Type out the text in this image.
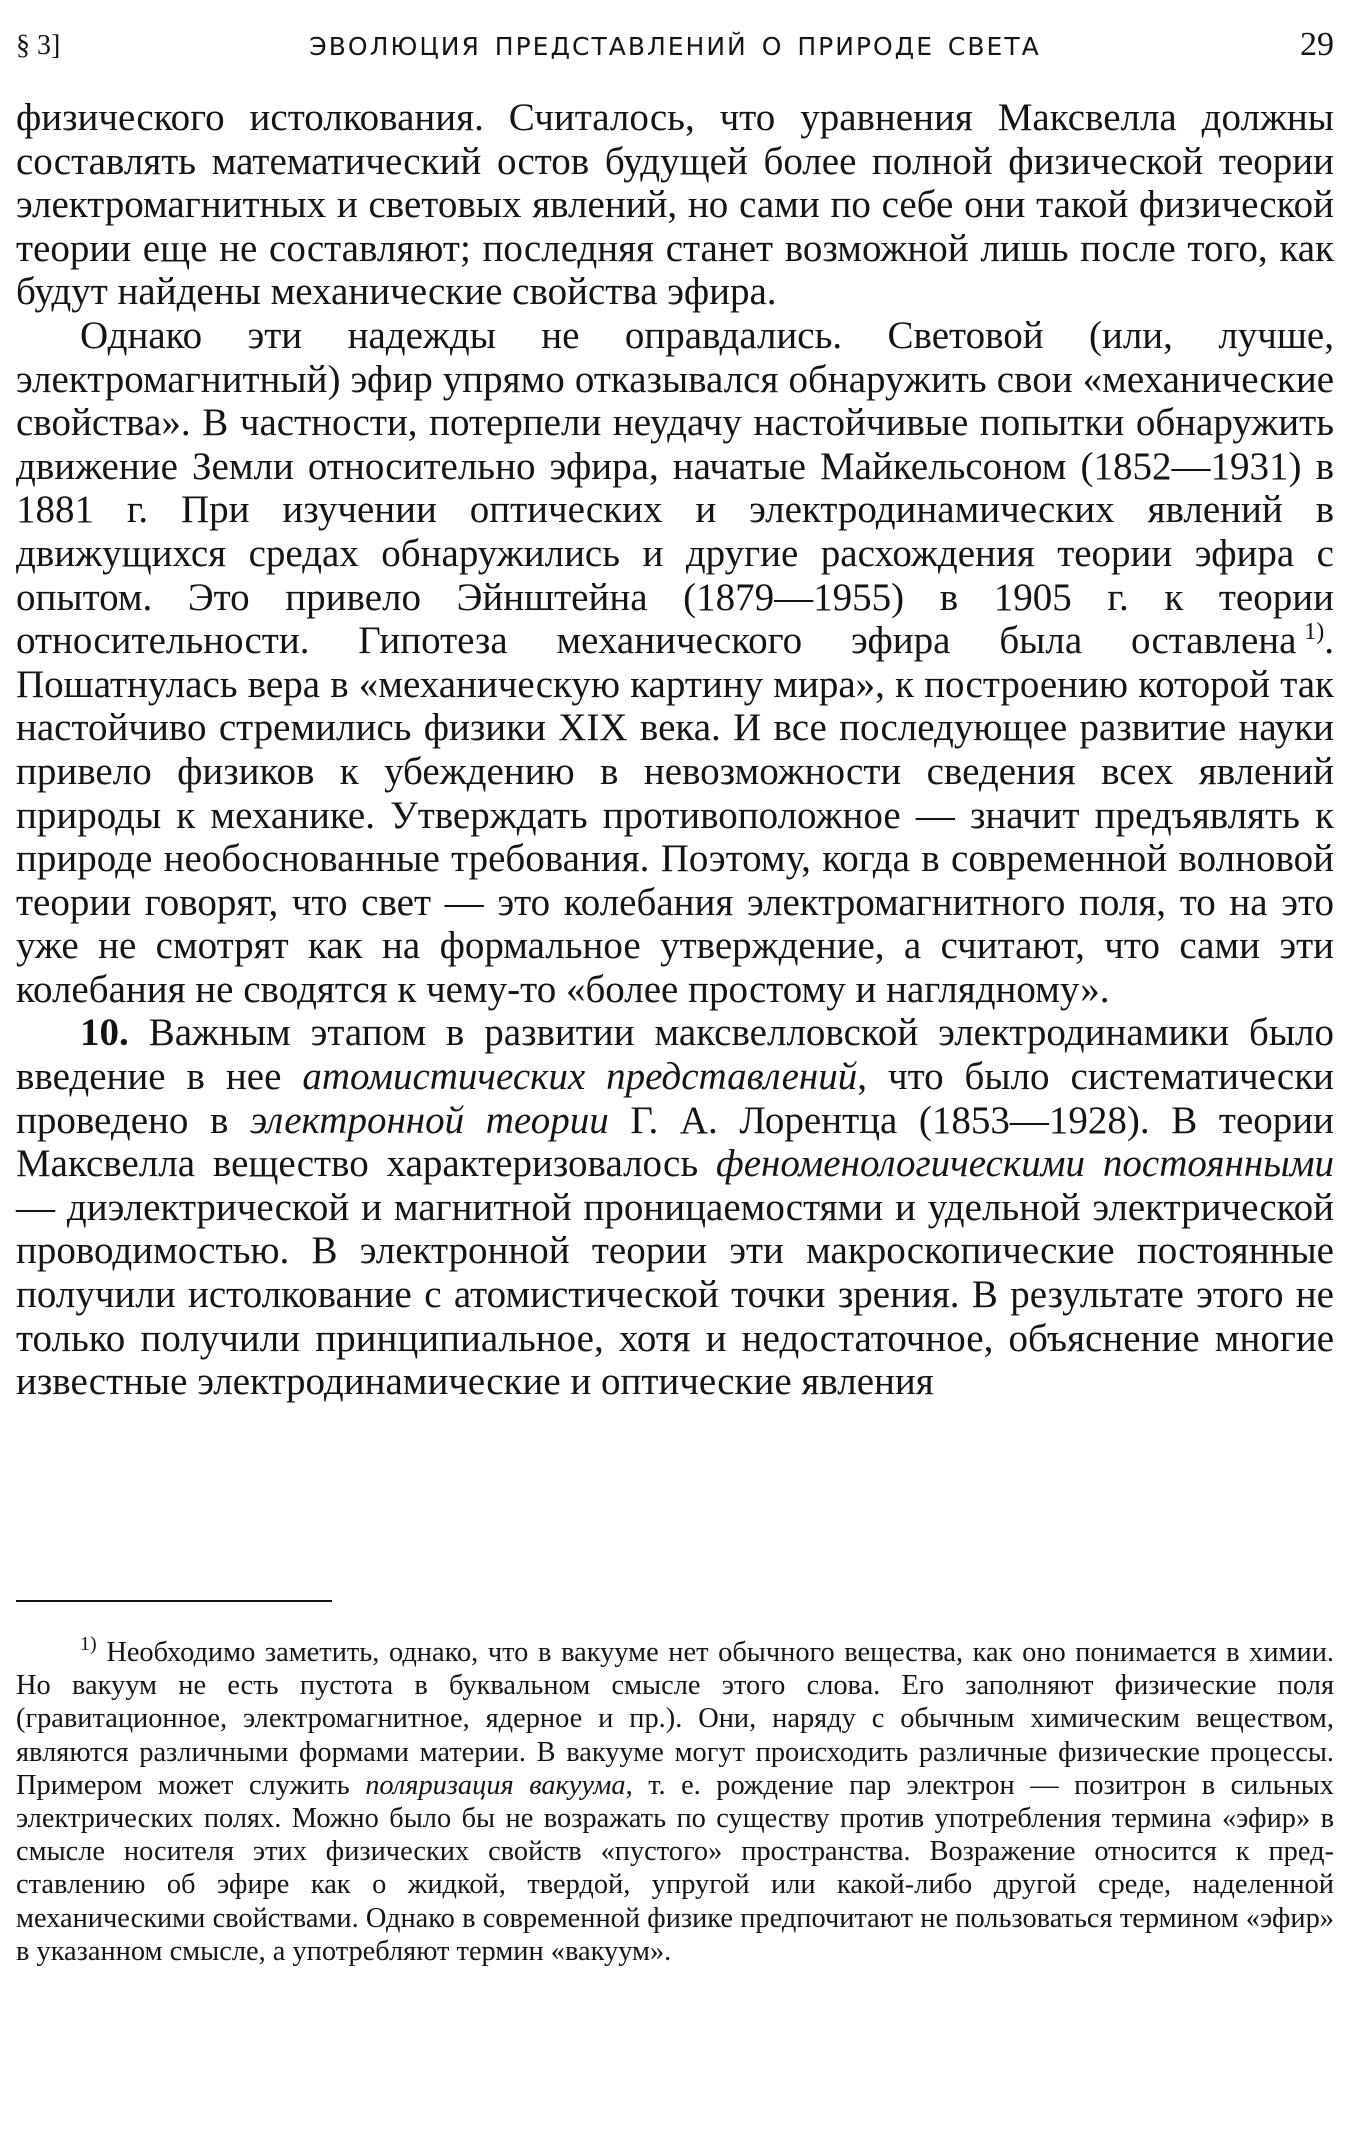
§ 3]	ЭВОЛЮЦИЯ ПРЕДСТАВЛЕНИЙ О ПРИРОДЕ СВЕТА	29

физического истолкования. Считалось, что уравнения Максвелла должны составлять математический остов будущей более полной физической теории электромагнитных и световых явлений, но сами по себе они такой физической теории еще не составляют; последняя станет возможной лишь после того, как будут найдены механические свойства эфира.

Однако эти надежды не оправдались. Световой (или, лучше, электромагнитный) эфир упрямо отказывался обнаружить свои «механические свойства». В частности, потерпели неудачу настойчивые попытки обнаружить движение Земли относительно эфира, начатые Майкельсоном (1852—1931) в 1881 г. При изучении оптических и электродинамических явлений в движущихся средах обнаружились и другие расхождения теории эфира с опытом. Это привело Эйнштейна (1879—1955) в 1905 г. к теории относительности. Гипотеза механического эфира была оставлена  $^{1)}$. Пошатнулась вера в «механическую картину мира», к построению которой так настойчиво стремились физики XIX века. И все последующее развитие науки привело физиков к убеждению в невозможности сведения всех явлений природы к механике. Утверждать противоположное — значит предъявлять к природе необоснованные требования. Поэтому, когда в современной волновой теории говорят, что свет — это колебания электромагнитного поля, то на это уже не смотрят как на формальное утверждение, а считают, что сами эти колебания не сводятся к чему-то «более простому и наглядному».

10. Важным этапом в развитии максвелловской электродинамики было введение в нее атомистических представлений, что было систематически проведено в электронной теории Г. А. Лорентца (1853—1928). В теории Максвелла вещество характеризовалось феноменологическими постоянными — диэлектрической и магнитной проницаемостями и удельной электрической проводимостью. В электронной теории эти макроскопические постоянные получили истолкование с атомистической точки зрения. В результате этого не только получили принципиальное, хотя и недостаточное, объяснение многие известные электродинамические и оптические явления

$^{1)}$ Необходимо заметить, однако, что в вакууме нет обычного вещества, как оно понимается в химии. Но вакуум не есть пустота в буквальном смысле этого слова. Его заполняют физические поля (гравитационное, электромагнитное, ядерное и пр.). Они, наряду с обычным химическим веществом, являются различными формами материи. В вакууме могут происходить различные физические процессы. Примером может служить поляризация вакуума, т. е. рождение пар электрон — позитрон в сильных электрических полях. Можно было бы не возражать по существу против употребления термина «эфир» в смысле носителя этих физических свойств «пустого» пространства. Возражение относится к представлению об эфире как о жидкой, твердой, упругой или какой-либо другой среде, наделенной механическими свойствами. Однако в современной физике предпочитают не пользоваться термином «эфир» в указанном смысле, а употребляют термин «вакуум».
